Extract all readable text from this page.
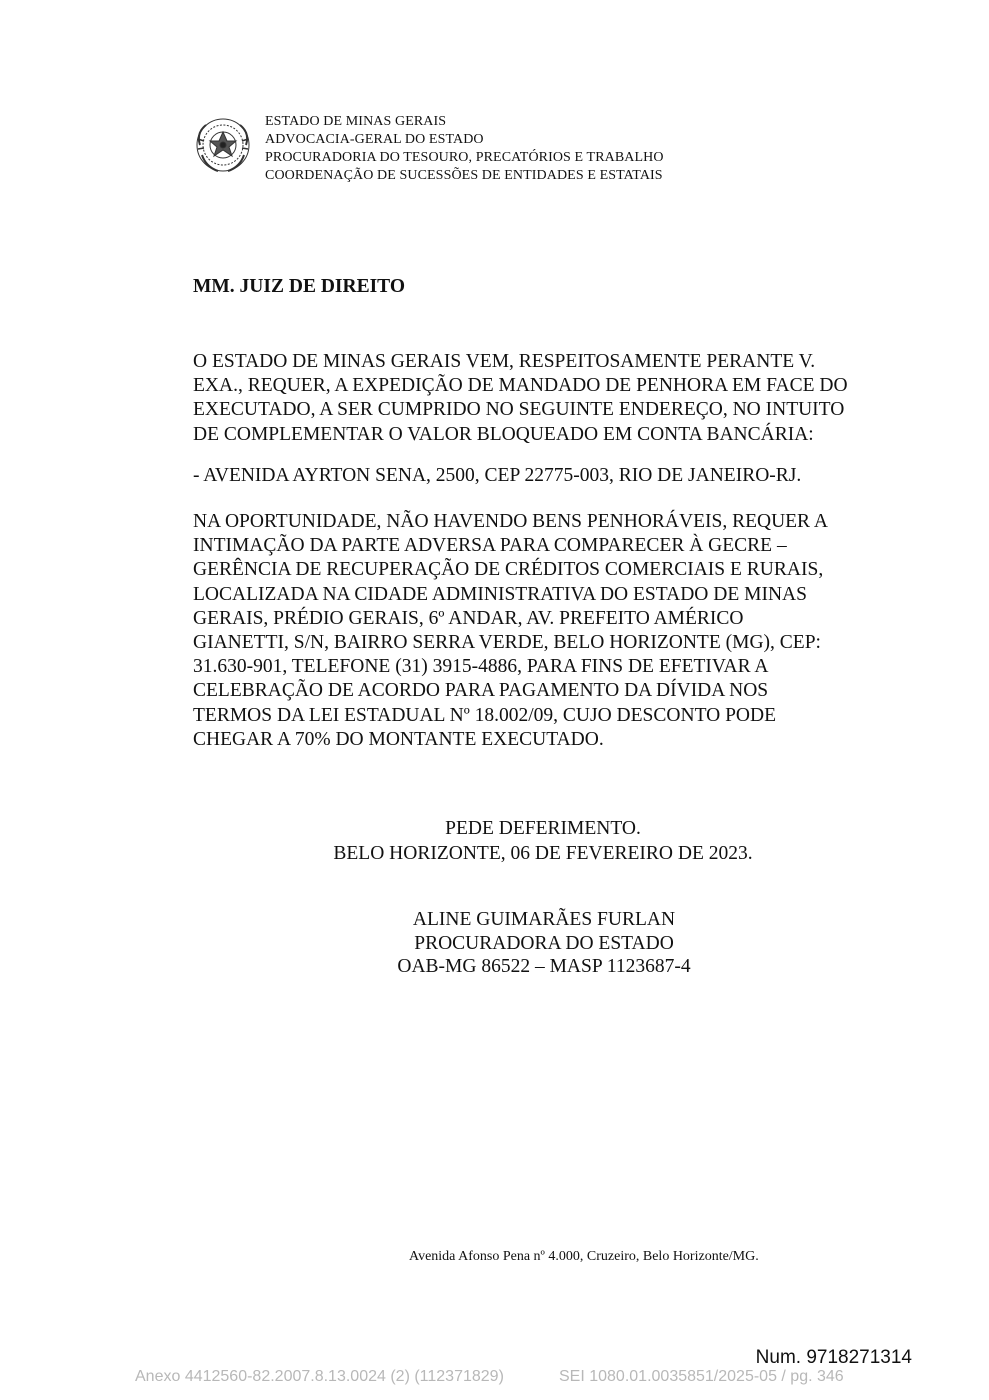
ESTADO DE MINAS GERAIS
ADVOCACIA-GERAL DO ESTADO
PROCURADORIA DO TESOURO, PRECATÓRIOS E TRABALHO
COORDENAÇÃO DE SUCESSÕES DE ENTIDADES E ESTATAIS
MM. JUIZ DE DIREITO
O ESTADO DE MINAS GERAIS VEM, RESPEITOSAMENTE PERANTE V.
EXA., REQUER, A EXPEDIÇÃO DE MANDADO DE PENHORA EM FACE DO
EXECUTADO, A SER CUMPRIDO NO SEGUINTE ENDEREÇO, NO INTUITO
DE COMPLEMENTAR O VALOR BLOQUEADO EM CONTA BANCÁRIA:
- AVENIDA AYRTON SENA, 2500, CEP 22775-003, RIO DE JANEIRO-RJ.
NA OPORTUNIDADE, NÃO HAVENDO BENS PENHORÁVEIS, REQUER A
INTIMAÇÃO DA PARTE ADVERSA PARA COMPARECER À GECRE –
GERÊNCIA DE RECUPERAÇÃO DE CRÉDITOS COMERCIAIS E RURAIS,
LOCALIZADA NA CIDADE ADMINISTRATIVA DO ESTADO DE MINAS
GERAIS, PRÉDIO GERAIS, 6º ANDAR, AV. PREFEITO AMÉRICO
GIANETTI, S/N, BAIRRO SERRA VERDE, BELO HORIZONTE (MG), CEP:
31.630-901, TELEFONE (31) 3915-4886, PARA FINS DE EFETIVAR A
CELEBRAÇÃO DE ACORDO PARA PAGAMENTO DA DÍVIDA NOS
TERMOS DA LEI ESTADUAL Nº 18.002/09, CUJO DESCONTO PODE
CHEGAR A 70% DO MONTANTE EXECUTADO.
PEDE DEFERIMENTO.
BELO HORIZONTE, 06 DE FEVEREIRO DE 2023.
ALINE GUIMARÃES FURLAN
PROCURADORA DO ESTADO
OAB-MG 86522 – MASP 1123687-4
Avenida Afonso Pena nº 4.000, Cruzeiro, Belo Horizonte/MG.
Num. 9718271314
Anexo 4412560-82.2007.8.13.0024 (2) (112371829)	SEI 1080.01.0035851/2025-05 / pg. 346
